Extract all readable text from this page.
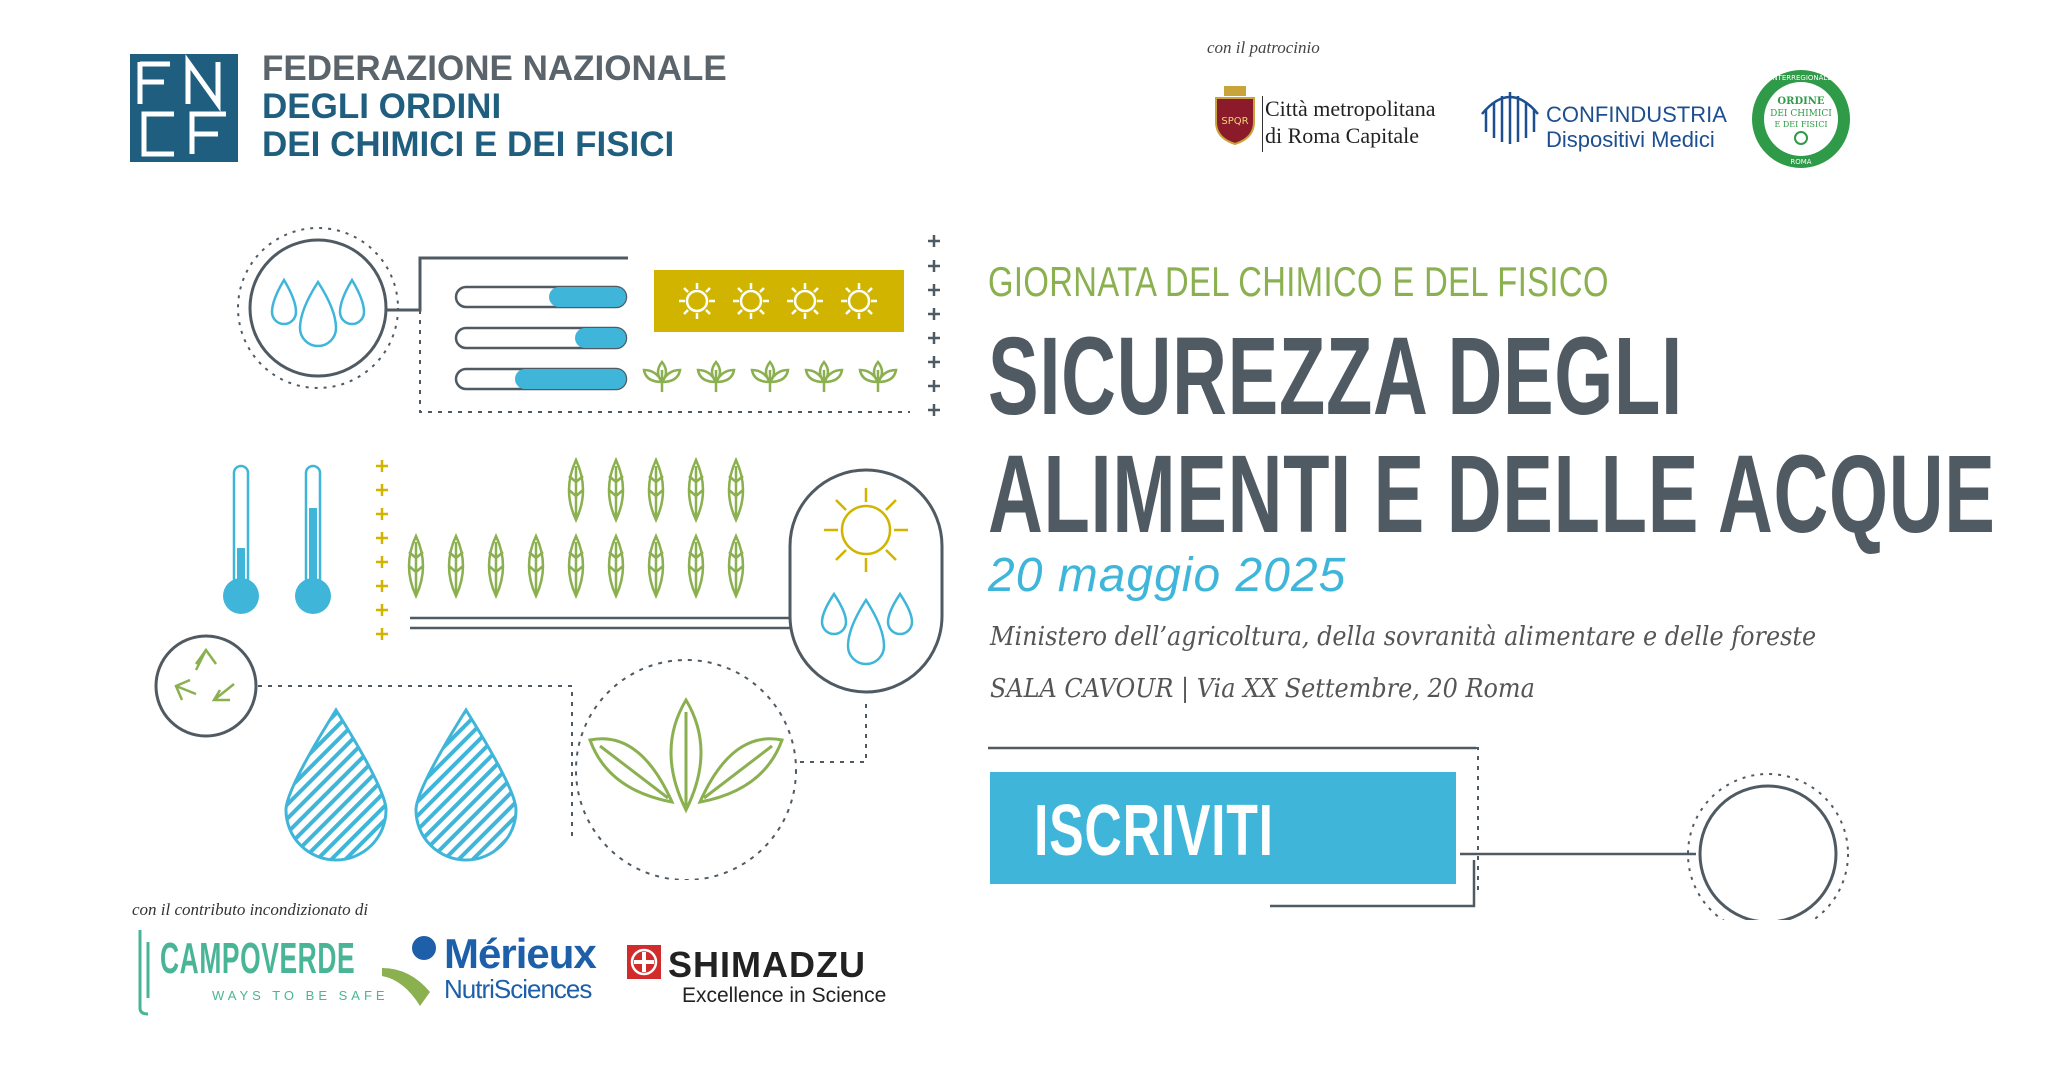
FEDERAZIONE NAZIONALE
DEGLI ORDINI
DEI CHIMICI E DEI FISICI
con il patrocinio
SPQR
Città metropolitana
di Roma Capitale
CONFINDUSTRIA
Dispositivi Medici
ORDINE
DEI CHIMICI
E DEI FISICI
INTERREGIONALE
ROMA
GIORNATA DEL CHIMICO E DEL FISICO
SICUREZZA DEGLI
ALIMENTI E DELLE ACQUE
20 maggio 2025
Ministero dell’agricoltura, della sovranità alimentare e delle foreste
SALA CAVOUR | Via XX Settembre, 20 Roma
ISCRIVITI
con il contributo incondizionato di
CAMPOVERDE
WAYS TO BE SAFE
Mérieux
NutriSciences
SHIMADZU
Excellence in Science
